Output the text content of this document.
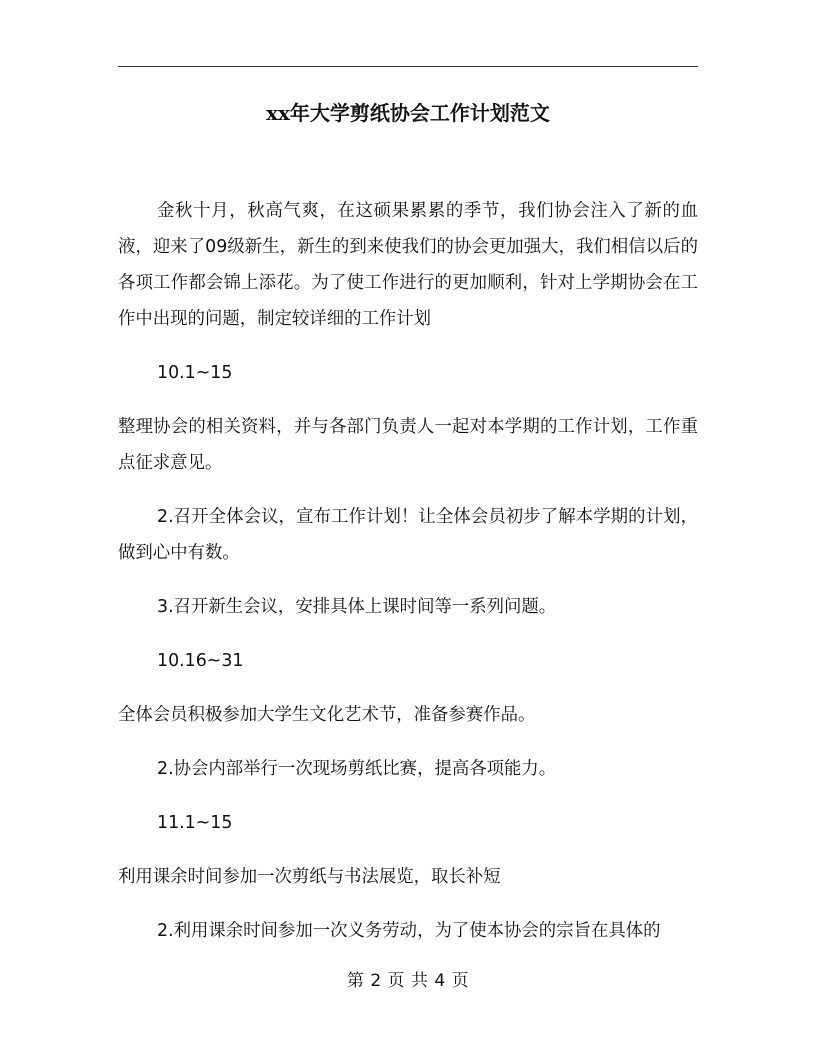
xx年大学剪纸协会工作计划范文

金秋十月，秋高气爽，在这硕果累累的季节，我们协会注入了新的血液，迎来了09级新生，新生的到来使我们的协会更加强大，我们相信以后的各项工作都会锦上添花。为了使工作进行的更加顺利，针对上学期协会在工作中出现的问题，制定较详细的工作计划

10.1~15

整理协会的相关资料，并与各部门负责人一起对本学期的工作计划，工作重点征求意见。

2.召开全体会议，宣布工作计划！让全体会员初步了解本学期的计划，做到心中有数。

3.召开新生会议，安排具体上课时间等一系列问题。

10.16~31

全体会员积极参加大学生文化艺术节，准备参赛作品。

2.协会内部举行一次现场剪纸比赛，提高各项能力。

11.1~15

利用课余时间参加一次剪纸与书法展览，取长补短

2.利用课余时间参加一次义务劳动，为了使本协会的宗旨在具体的

第 2 页 共 4 页
